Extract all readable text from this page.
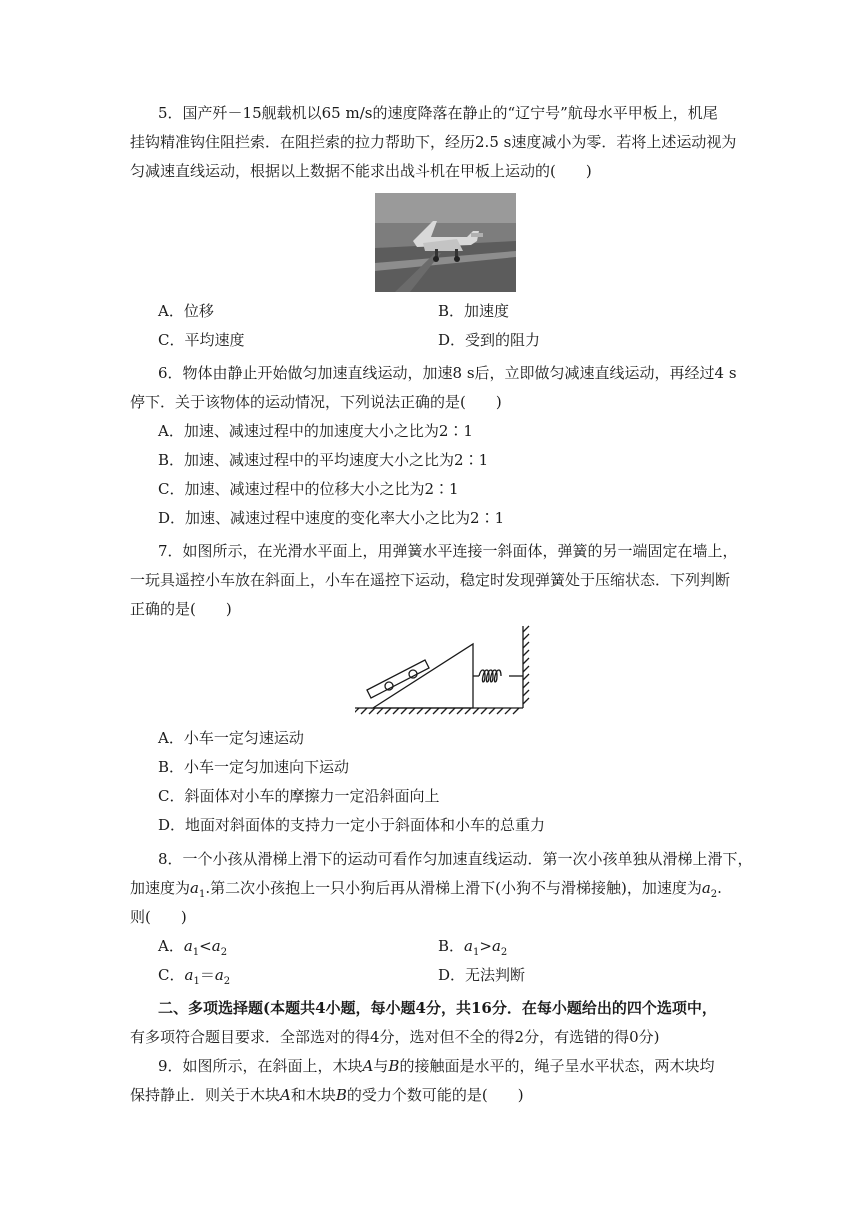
5．国产歼－15舰载机以65 m/s的速度降落在静止的“辽宁号”航母水平甲板上，机尾
挂钩精准钩住阻拦索．在阻拦索的拉力帮助下，经历2.5 s速度减小为零．若将上述运动视为
匀减速直线运动，根据以上数据不能求出战斗机在甲板上运动的(　　)
A．位移	B．加速度
C．平均速度	D．受到的阻力
6．物体由静止开始做匀加速直线运动，加速8 s后，立即做匀减速直线运动，再经过4 s
停下．关于该物体的运动情况，下列说法正确的是(　　)
A．加速、减速过程中的加速度大小之比为2∶1
B．加速、减速过程中的平均速度大小之比为2∶1
C．加速、减速过程中的位移大小之比为2∶1
D．加速、减速过程中速度的变化率大小之比为2∶1
7．如图所示，在光滑水平面上，用弹簧水平连接一斜面体，弹簧的另一端固定在墙上，
一玩具遥控小车放在斜面上，小车在遥控下运动，稳定时发现弹簧处于压缩状态．下列判断
正确的是(　　)
A．小车一定匀速运动
B．小车一定匀加速向下运动
C．斜面体对小车的摩擦力一定沿斜面向上
D．地面对斜面体的支持力一定小于斜面体和小车的总重力
8．一个小孩从滑梯上滑下的运动可看作匀加速直线运动．第一次小孩单独从滑梯上滑下，
加速度为$a_1$.第二次小孩抱上一只小狗后再从滑梯上滑下(小狗不与滑梯接触)，加速度为$a_2$.
则(　　)
A．$a_1<a_2$	B．$a_1>a_2$
C．$a_1=a_2$	D．无法判断
二、多项选择题(本题共4小题，每小题4分，共16分．在每小题给出的四个选项中，
有多项符合题目要求．全部选对的得4分，选对但不全的得2分，有选错的得0分)
9．如图所示，在斜面上，木块A与B的接触面是水平的，绳子呈水平状态，两木块均
保持静止．则关于木块A和木块B的受力个数可能的是(　　)
